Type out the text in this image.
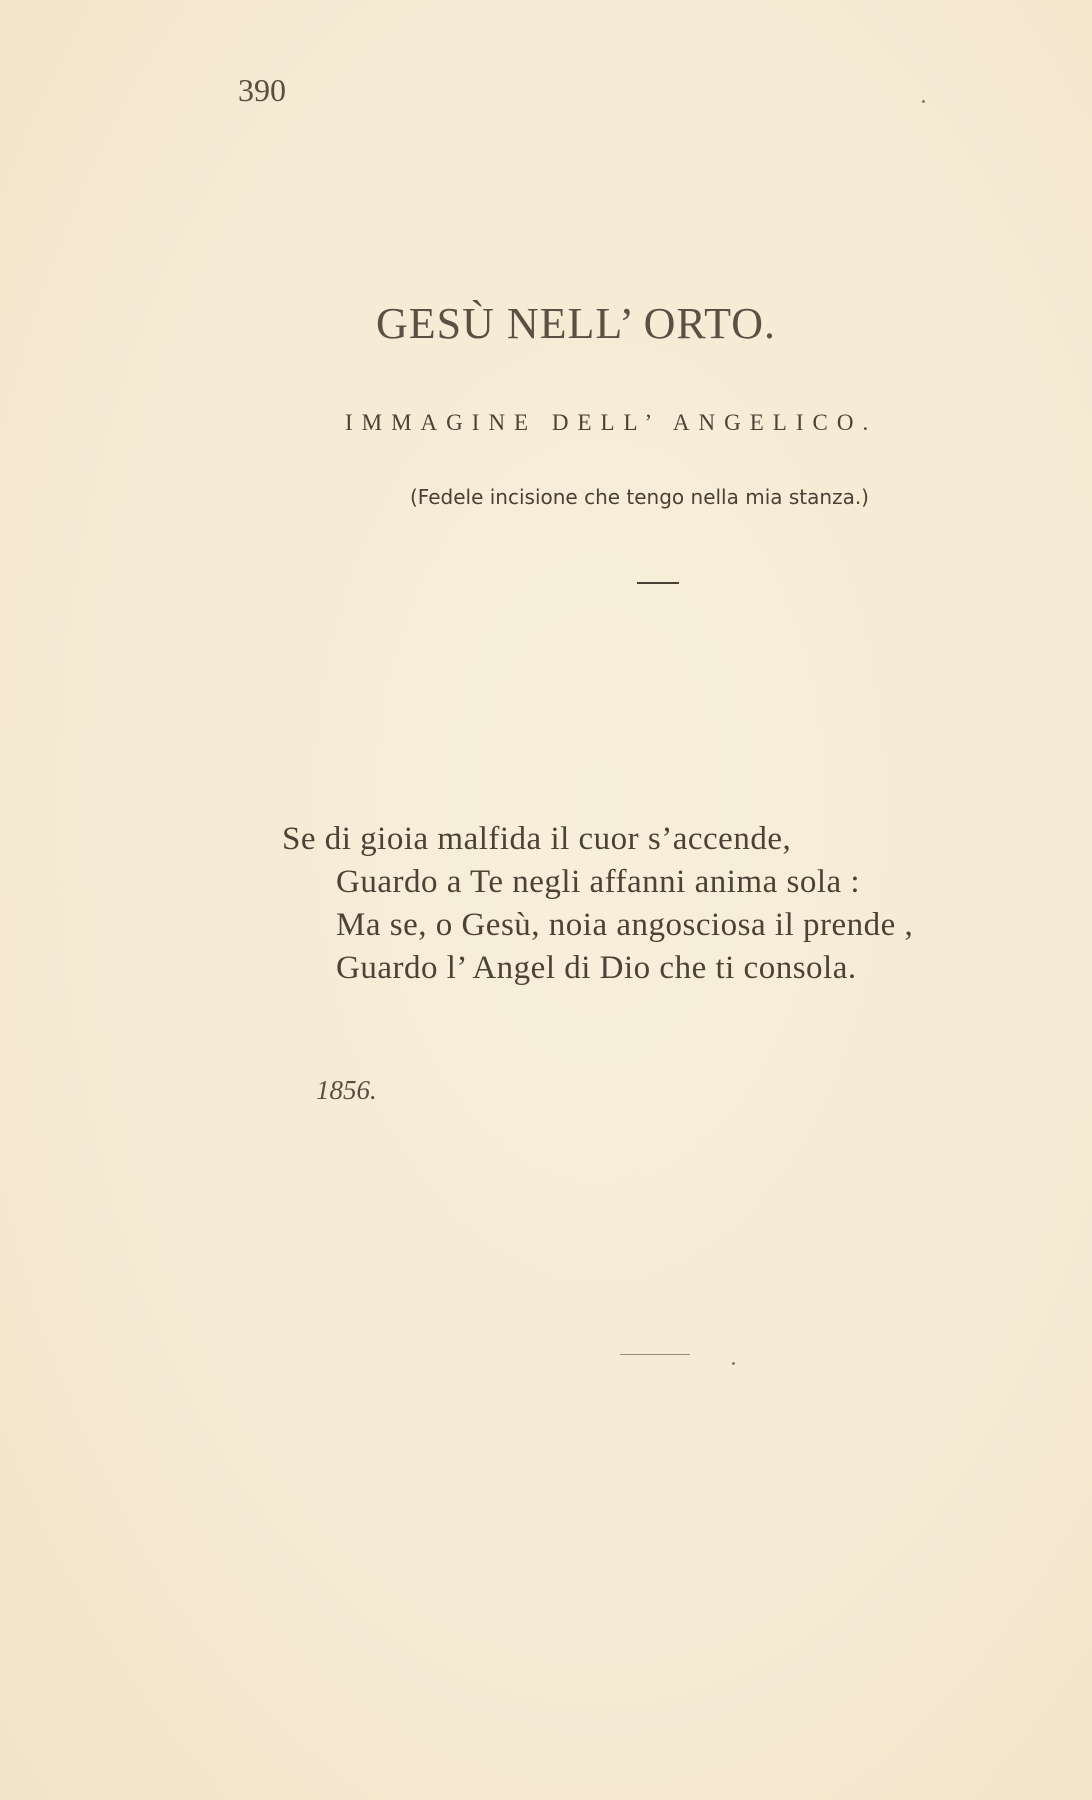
390
GESÙ NELL’ ORTO.
IMMAGINE DELL’ ANGELICO.
(Fedele incisione che tengo nella mia stanza.)
Se di gioia malfida il cuor s’accende,
Guardo a Te negli affanni anima sola :
Ma se, o Gesù, noia angosciosa il prende ,
Guardo l’ Angel di Dio che ti consola.
1856.
